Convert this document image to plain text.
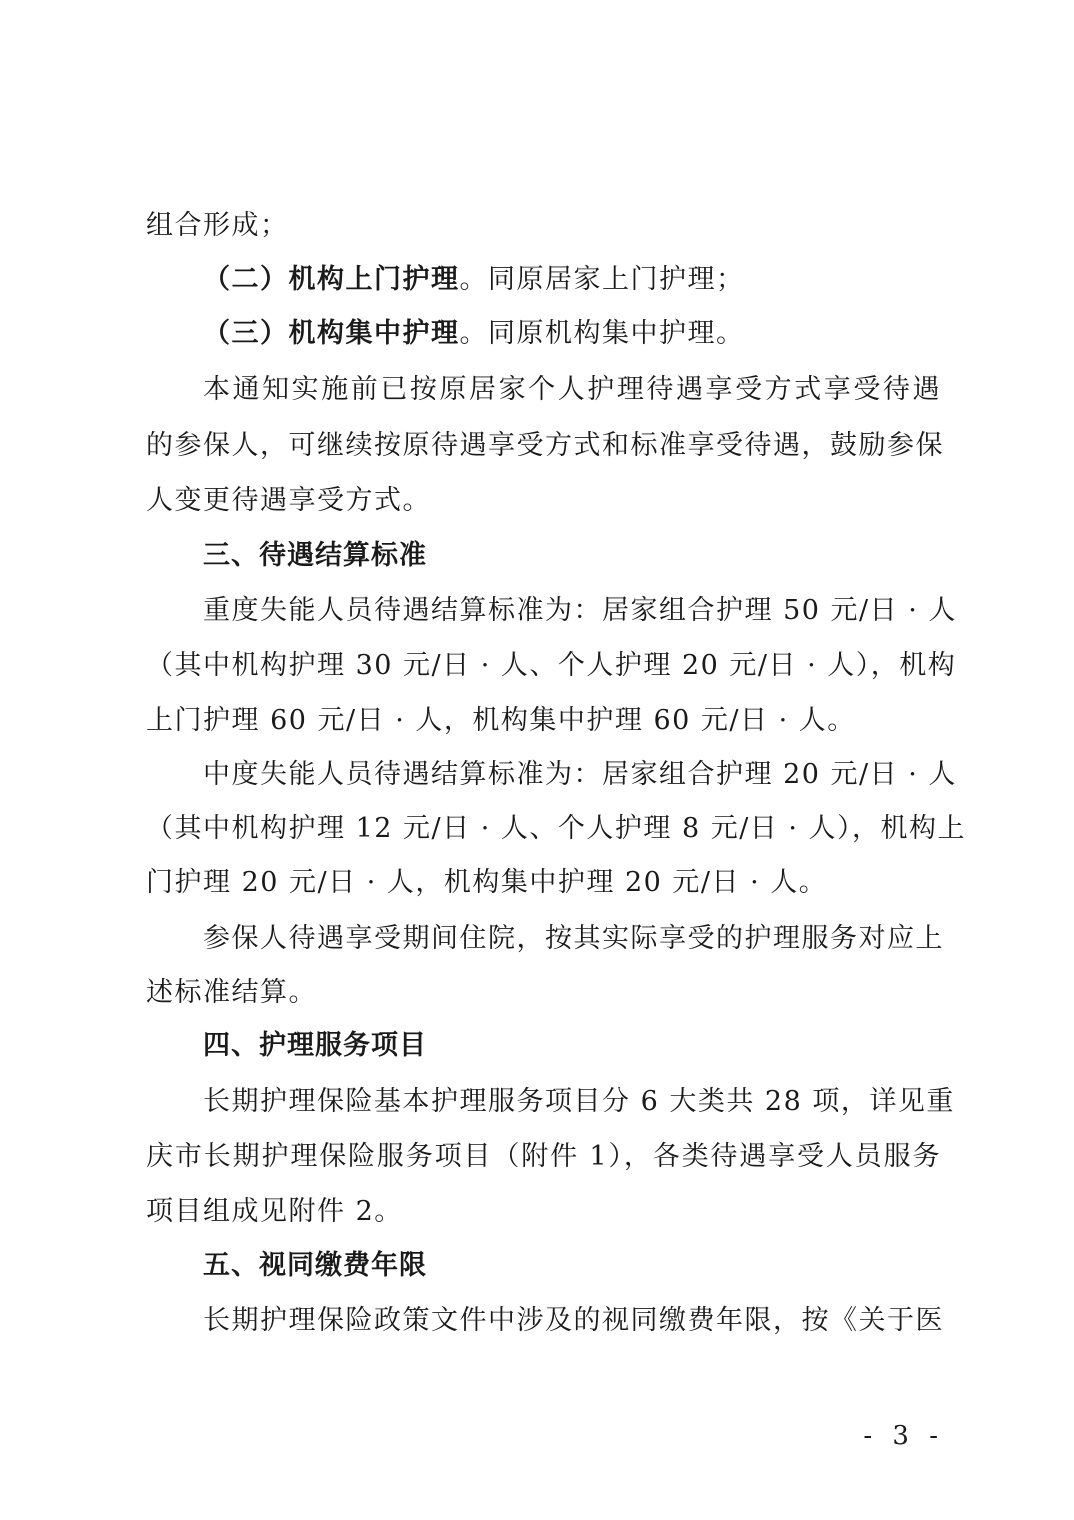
组合形成；
（二）机构上门护理。同原居家上门护理；
（三）机构集中护理。同原机构集中护理。
本通知实施前已按原居家个人护理待遇享受方式享受待遇
的参保人，可继续按原待遇享受方式和标准享受待遇，鼓励参保
人变更待遇享受方式。
三、待遇结算标准
重度失能人员待遇结算标准为：居家组合护理 50 元/日 · 人
（其中机构护理 30 元/日 · 人、个人护理 20 元/日 · 人），机构
上门护理 60 元/日 · 人，机构集中护理 60 元/日 · 人。
中度失能人员待遇结算标准为：居家组合护理 20 元/日 · 人
（其中机构护理 12 元/日 · 人、个人护理 8 元/日 · 人），机构上
门护理 20 元/日 · 人，机构集中护理 20 元/日 · 人。
参保人待遇享受期间住院，按其实际享受的护理服务对应上
述标准结算。
四、护理服务项目
长期护理保险基本护理服务项目分 6 大类共 28 项，详见重
庆市长期护理保险服务项目（附件 1），各类待遇享受人员服务
项目组成见附件 2。
五、视同缴费年限
长期护理保险政策文件中涉及的视同缴费年限，按《关于医
- 3 -
